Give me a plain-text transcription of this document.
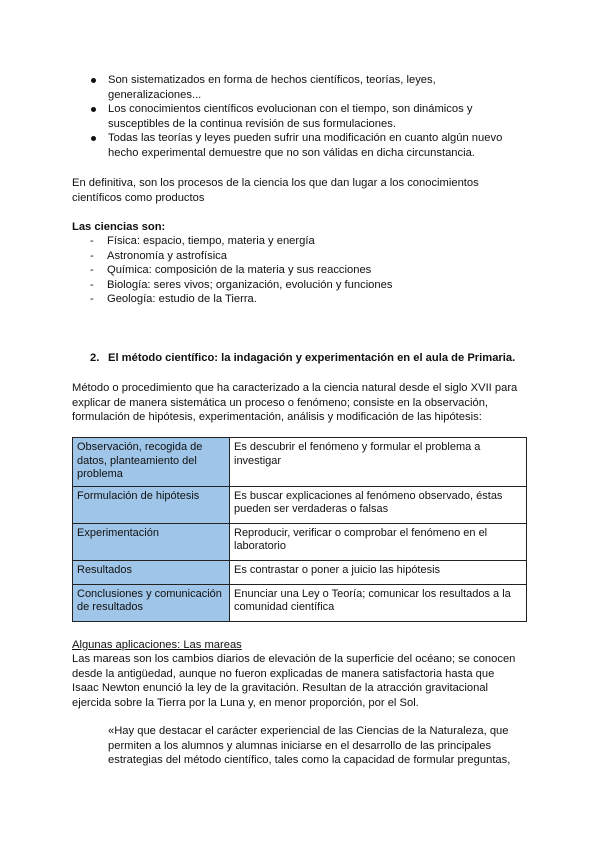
Son sistematizados en forma de hechos científicos, teorías, leyes, generalizaciones...
Los conocimientos científicos evolucionan con el tiempo, son dinámicos y susceptibles de la continua revisión de sus formulaciones.
Todas las teorías y leyes pueden sufrir una modificación en cuanto algún nuevo hecho experimental demuestre que no son válidas en dicha circunstancia.

En definitiva, son los procesos de la ciencia los que dan lugar a los conocimientos científicos como productos

Las ciencias son:
- Física: espacio, tiempo, materia y energía
- Astronomía y astrofísica
- Química: composición de la materia y sus reacciones
- Biología: seres vivos; organización, evolución y funciones
- Geología: estudio de la Tierra.
2. El método científico: la indagación y experimentación en el aula de Primaria.

Método o procedimiento que ha caracterizado a la ciencia natural desde el siglo XVII para explicar de manera sistemática un proceso o fenómeno; consiste en la observación, formulación de hipótesis, experimentación, análisis y modificación de las hipótesis:

Observación, recogida de datos, planteamiento del problema	Es descubrir el fenómeno y formular el problema a investigar
Formulación de hipótesis	Es buscar explicaciones al fenómeno observado, éstas pueden ser verdaderas o falsas
Experimentación	Reproducir, verificar o comprobar el fenómeno en el laboratorio
Resultados	Es contrastar o poner a juicio las hipótesis
Conclusiones y comunicación de resultados	Enunciar una Ley o Teoría; comunicar los resultados a la comunidad científica
Algunas aplicaciones: Las mareas

Las mareas son los cambios diarios de elevación de la superficie del océano; se conocen desde la antigüedad, aunque no fueron explicadas de manera satisfactoria hasta que Isaac Newton enunció la ley de la gravitación. Resultan de la atracción gravitacional ejercida sobre la Tierra por la Luna y, en menor proporción, por el Sol.

«Hay que destacar el carácter experiencial de las Ciencias de la Naturaleza, que permiten a los alumnos y alumnas iniciarse en el desarrollo de las principales estrategias del método científico, tales como la capacidad de formular preguntas,
